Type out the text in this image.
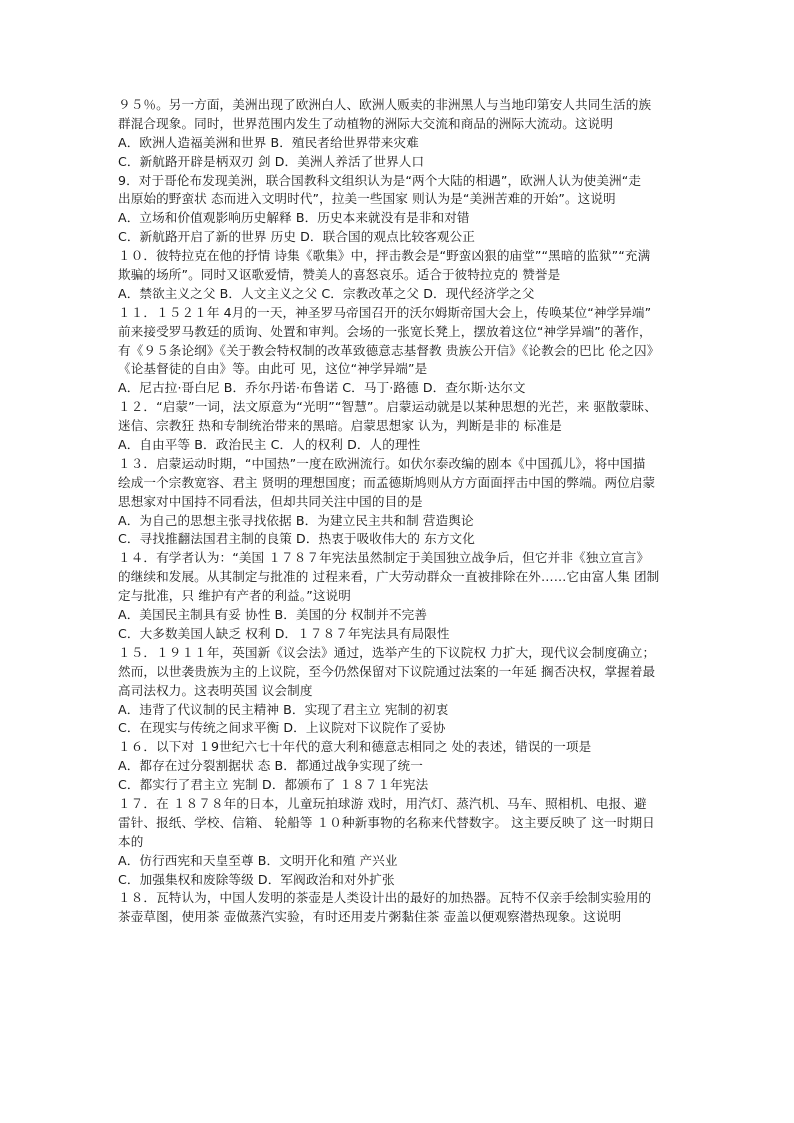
９５％。另一方面，美洲出现了欧洲白人、欧洲人贩卖的非洲黑人与当地印第安人共同生活的族
群混合现象。同时，世界范围内发生了动植物的洲际大交流和商品的洲际大流动。这说明
A．欧洲人造福美洲和世界 B．殖民者给世界带来灾难
C．新航路开辟是柄双刃 剑 D．美洲人养活了世界人口
9．对于哥伦布发现美洲，联合国教科文组织认为是“两个大陆的相遇”，欧洲人认为使美洲“走
出原始的野蛮状 态而进入文明时代”，拉美一些国家 则认为是“美洲苦难的开始”。这说明
A．立场和价值观影响历史解释 B．历史本来就没有是非和对错
C．新航路开启了新的世界 历史 D．联合国的观点比较客观公正
１０．彼特拉克在他的抒情 诗集《歌集》中，抨击教会是“野蛮凶狠的庙堂”“黑暗的监狱”“充满
欺骗的场所”。同时又讴歌爱情，赞美人的喜怒哀乐。适合于彼特拉克的 赞誉是
A．禁欲主义之父 B．人文主义之父 C．宗教改革之父 D．现代经济学之父
１１．１５２１年 4月的一天，神圣罗马帝国召开的沃尔姆斯帝国大会上，传唤某位“神学异端”
前来接受罗马教廷的质询、处置和审判。会场的一张宽长凳上，摆放着这位“神学异端”的著作，
有《９５条论纲》《关于教会特权制的改革致德意志基督教 贵族公开信》《论教会的巴比 伦之囚》
《论基督徒的自由》等。由此可 见，这位“神学异端”是
A．尼古拉·哥白尼 B．乔尔丹诺·布鲁诺 C．马丁·路德 D．查尔斯·达尔文
１２．“启蒙”一词，法文原意为“光明”“智慧”。启蒙运动就是以某种思想的光芒，来 驱散蒙昧、
迷信、宗教狂 热和专制统治带来的黑暗。启蒙思想家 认为，判断是非的 标准是
A．自由平等 B．政治民主 C．人的权利 D．人的理性
１３．启蒙运动时期，“中国热”一度在欧洲流行。如伏尔泰改编的剧本《中国孤儿》，将中国描
绘成一个宗教宽容、君主 贤明的理想国度；而孟德斯鸠则从方方面面抨击中国的弊端。两位启蒙
思想家对中国持不同看法，但却共同关注中国的目的是
A．为自己的思想主张寻找依据 B．为建立民主共和制 营造舆论
C．寻找推翻法国君主制的良策 D．热衷于吸收伟大的 东方文化
１４．有学者认为：“美国 １７８７年宪法虽然制定于美国独立战争后，但它并非《独立宣言》
的继续和发展。从其制定与批准的 过程来看，广大劳动群众一直被排除在外……它由富人集 团制
定与批准，只 维护有产者的利益。”这说明
A．美国民主制具有妥 协性 B．美国的分 权制并不完善
C．大多数美国人缺乏 权利 D．１７８７年宪法具有局限性
１５．１９１１年，英国新《议会法》通过，选举产生的下议院权 力扩大，现代议会制度确立；
然而，以世袭贵族为主的上议院，至今仍然保留对下议院通过法案的一年延 搁否决权，掌握着最
高司法权力。这表明英国 议会制度
A．违背了代议制的民主精神 B．实现了君主立 宪制的初衷
C．在现实与传统之间求平衡 D．上议院对下议院作了妥协
１６．以下对 １9世纪六七十年代的意大利和德意志相同之 处的表述，错误的一项是
A．都存在过分裂割据状 态 B．都通过战争实现了统一
C．都实行了君主立 宪制 D．都颁布了 １８７１年宪法
１７．在 １８７８年的日本，儿童玩拍球游 戏时，用汽灯、蒸汽机、马车、照相机、电报、避
雷针、报纸、学校、信箱、 轮船等 １０种新事物的名称来代替数字。 这主要反映了 这一时期日
本的
A．仿行西宪和天皇至尊 B．文明开化和殖 产兴业
C．加强集权和废除等级 D．军阀政治和对外扩张
１８．瓦特认为，中国人发明的茶壶是人类设计出的最好的加热器。瓦特不仅亲手绘制实验用的
茶壶草图，使用茶 壶做蒸汽实验，有时还用麦片粥黏住茶 壶盖以便观察潜热现象。这说明
